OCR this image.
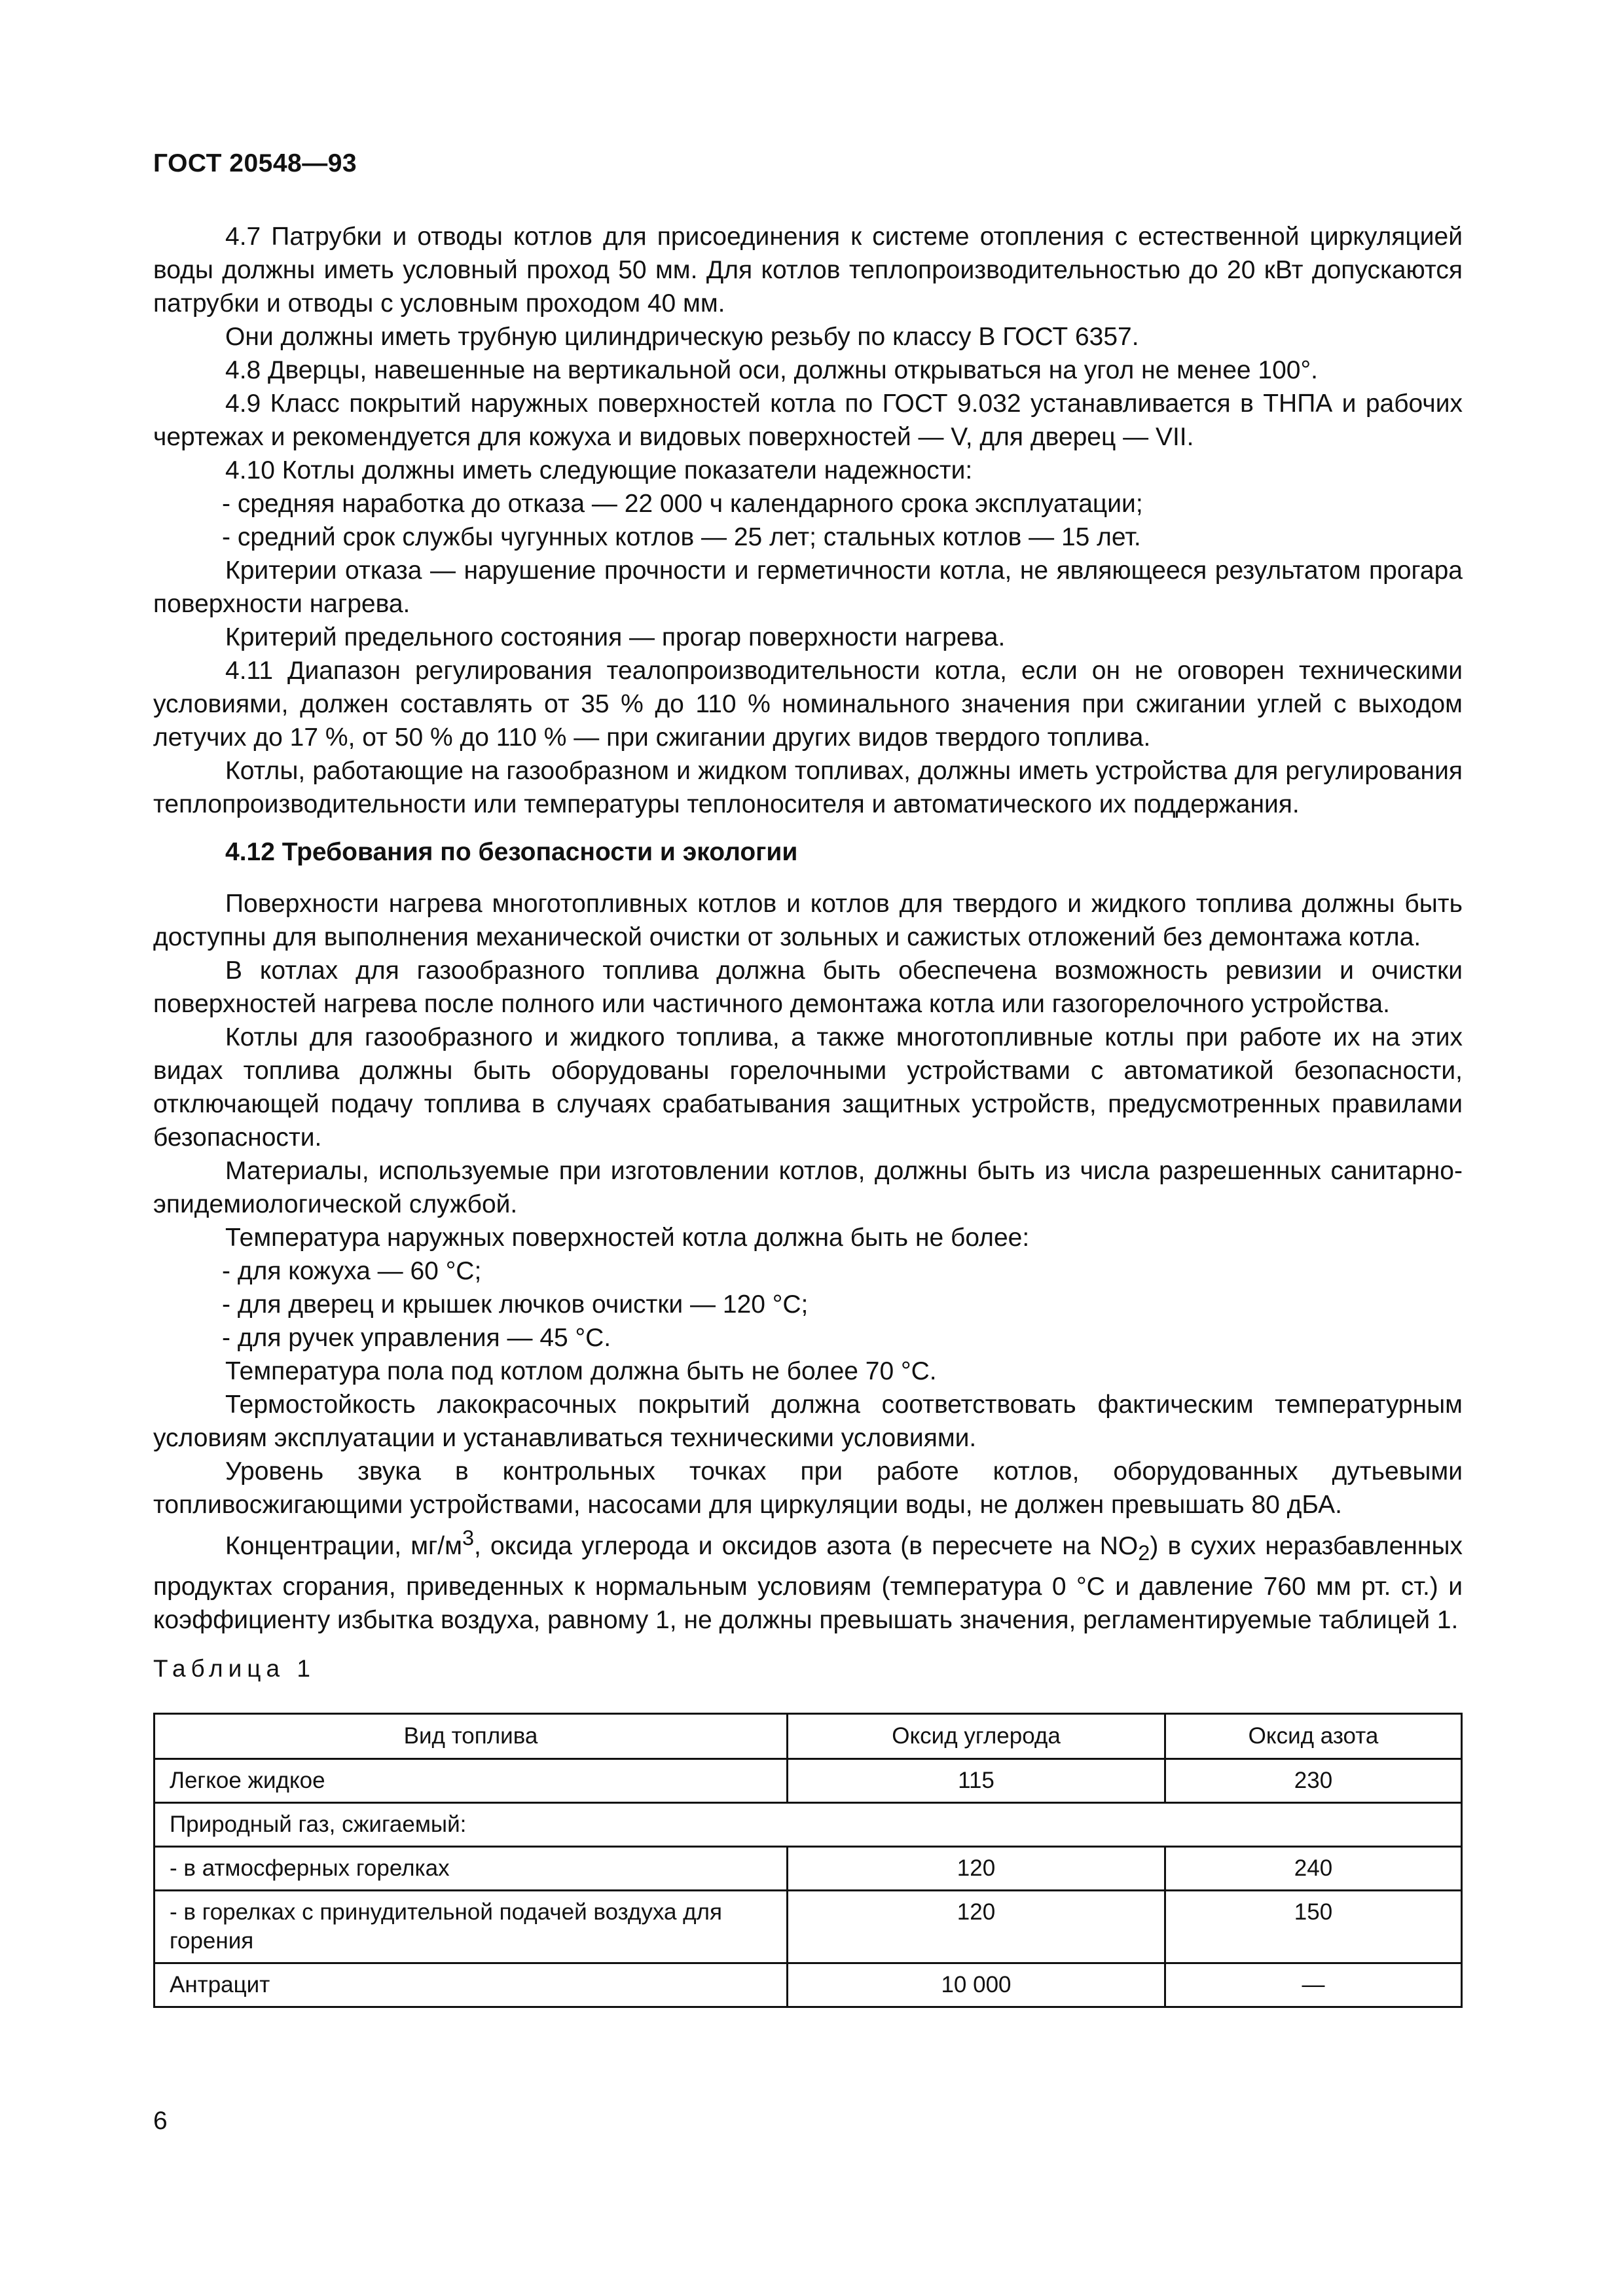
ГОСТ 20548—93

4.7 Патрубки и отводы котлов для присоединения к системе отопления с естественной циркуляцией воды должны иметь условный проход 50 мм. Для котлов теплопроизводительностью до 20 кВт допускаются патрубки и отводы с условным проходом 40 мм.

Они должны иметь трубную цилиндрическую резьбу по классу В ГОСТ 6357.

4.8 Дверцы, навешенные на вертикальной оси, должны открываться на угол не менее 100°.

4.9 Класс покрытий наружных поверхностей котла по ГОСТ 9.032 устанавливается в ТНПА и рабочих чертежах и рекомендуется для кожуха и видовых поверхностей — V, для дверец — VII.

4.10 Котлы должны иметь следующие показатели надежности:

- средняя наработка до отказа — 22 000 ч календарного срока эксплуатации;

- средний срок службы чугунных котлов — 25 лет; стальных котлов — 15 лет.

Критерии отказа — нарушение прочности и герметичности котла, не являющееся результатом прогара поверхности нагрева.

Критерий предельного состояния — прогар поверхности нагрева.

4.11 Диапазон регулирования теалопроизводительности котла, если он не оговорен техническими условиями, должен составлять от 35 % до 110 % номинального значения при сжигании углей с выходом летучих до 17 %, от 50 % до 110 % — при сжигании других видов твердого топлива.

Котлы, работающие на газообразном и жидком топливах, должны иметь устройства для регулирования теплопроизводительности или температуры теплоносителя и автоматического их поддержания.

4.12 Требования по безопасности и экологии

Поверхности нагрева многотопливных котлов и котлов для твердого и жидкого топлива должны быть доступны для выполнения механической очистки от зольных и сажистых отложений без демонтажа котла.

В котлах для газообразного топлива должна быть обеспечена возможность ревизии и очистки поверхностей нагрева после полного или частичного демонтажа котла или газогорелочного устройства.

Котлы для газообразного и жидкого топлива, а также многотопливные котлы при работе их на этих видах топлива должны быть оборудованы горелочными устройствами с автоматикой безопасности, отключающей подачу топлива в случаях срабатывания защитных устройств, предусмотренных правилами безопасности.

Материалы, используемые при изготовлении котлов, должны быть из числа разрешенных санитарно-эпидемиологической службой.

Температура наружных поверхностей котла должна быть не более:

- для кожуха — 60 °С;

- для дверец и крышек лючков очистки — 120 °С;

- для ручек управления — 45 °С.

Температура пола под котлом должна быть не более 70 °С.

Термостойкость лакокрасочных покрытий должна соответствовать фактическим температурным условиям эксплуатации и устанавливаться техническими условиями.

Уровень звука в контрольных точках при работе котлов, оборудованных дутьевыми топливосжигающими устройствами, насосами для циркуляции воды, не должен превышать 80 дБА.

Концентрации, $мг/м^3$, оксида углерода и оксидов азота (в пересчете на $NO_2$) в сухих неразбавленных продуктах сгорания, приведенных к нормальным условиям (температура 0 °С и давление 760 мм рт. ст.) и коэффициенту избытка воздуха, равному 1, не должны превышать значения, регламентируемые таблицей 1.

Таблица 1
Вид топлива	Оксид углерода	Оксид азота
Легкое жидкое	115	230
Природный газ, сжигаемый:		
- в атмосферных горелках	120	240
- в горелках с принудительной подачей воздуха для горения	120	150
Антрацит	10 000	—
6
